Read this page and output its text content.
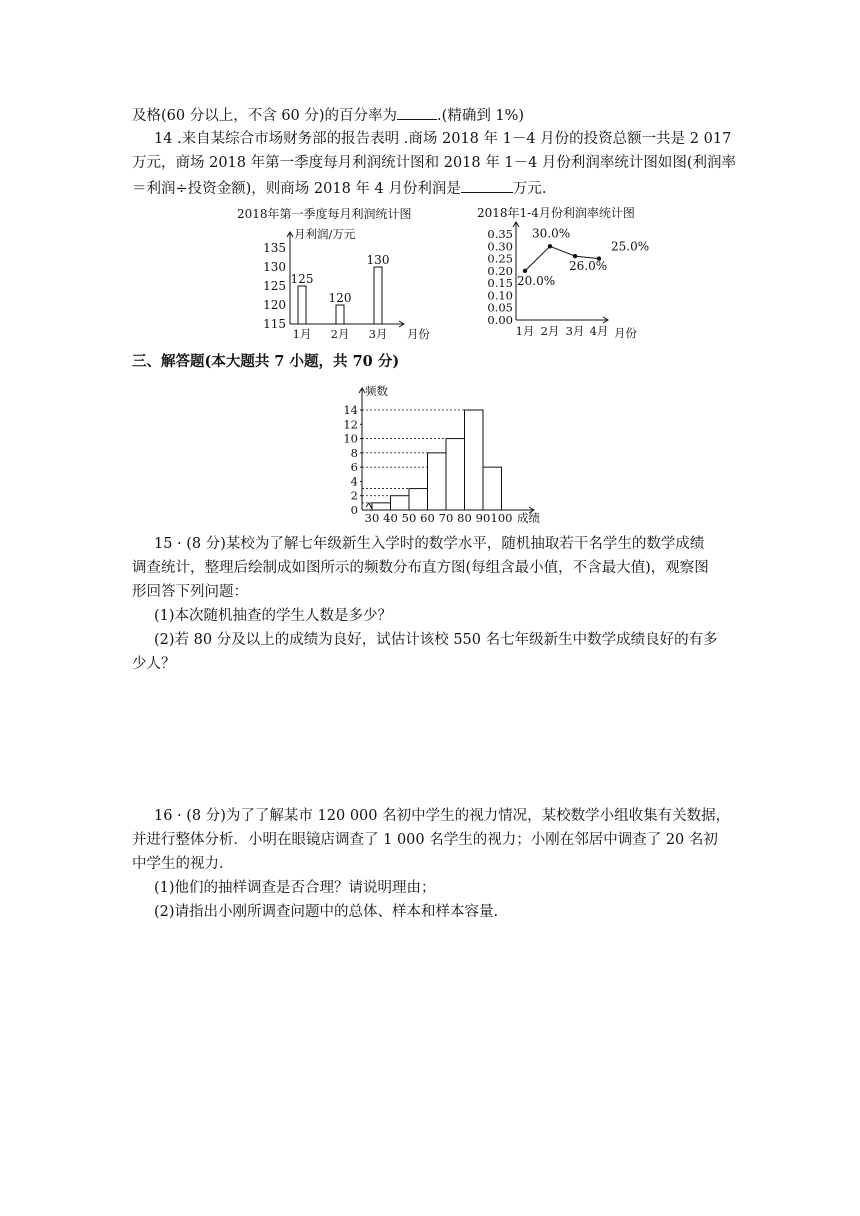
及格(60 分以上，不含 60 分)的百分率为	.(精确到 1%)
14 .来自某综合市场财务部的报告表明 .商场 2018 年 1－4 月份的投资总额一共是 2 017
万元，商场 2018 年第一季度每月利润统计图和 2018 年 1－4 月份利润率统计图如图(利润率
＝利润÷投资金额)，则商场 2018 年 4 月份利润是	万元.
2018年第一季度每月利润统计图
月利润/万元
135
130
125
120
115
125
120
130
1月 2月 3月 月份
2018年1-4月份利润率统计图
0.35
0.30
0.25
0.20
0.15
0.10
0.05
0.00
20.0%
30.0%
26.0%
25.0%
1月 2月 3月 4月 月份
三、解答题(本大题共 7 小题，共 70 分)
频数
14
12
10
8
6
4
2
0
30 40 50 60 70 80 90 100 成绩
15 · (8 分)某校为了解七年级新生入学时的数学水平，随机抽取若干名学生的数学成绩
调查统计，整理后绘制成如图所示的频数分布直方图(每组含最小值，不含最大值)，观察图
形回答下列问题：
(1)本次随机抽查的学生人数是多少？
(2)若 80 分及以上的成绩为良好，试估计该校 550 名七年级新生中数学成绩良好的有多
少人？
16 · (8 分)为了了解某市 120 000 名初中学生的视力情况，某校数学小组收集有关数据，
并进行整体分析．小明在眼镜店调查了 1 000 名学生的视力；小刚在邻居中调查了 20 名初
中学生的视力．
(1)他们的抽样调查是否合理？请说明理由；
(2)请指出小刚所调查问题中的总体、样本和样本容量.
